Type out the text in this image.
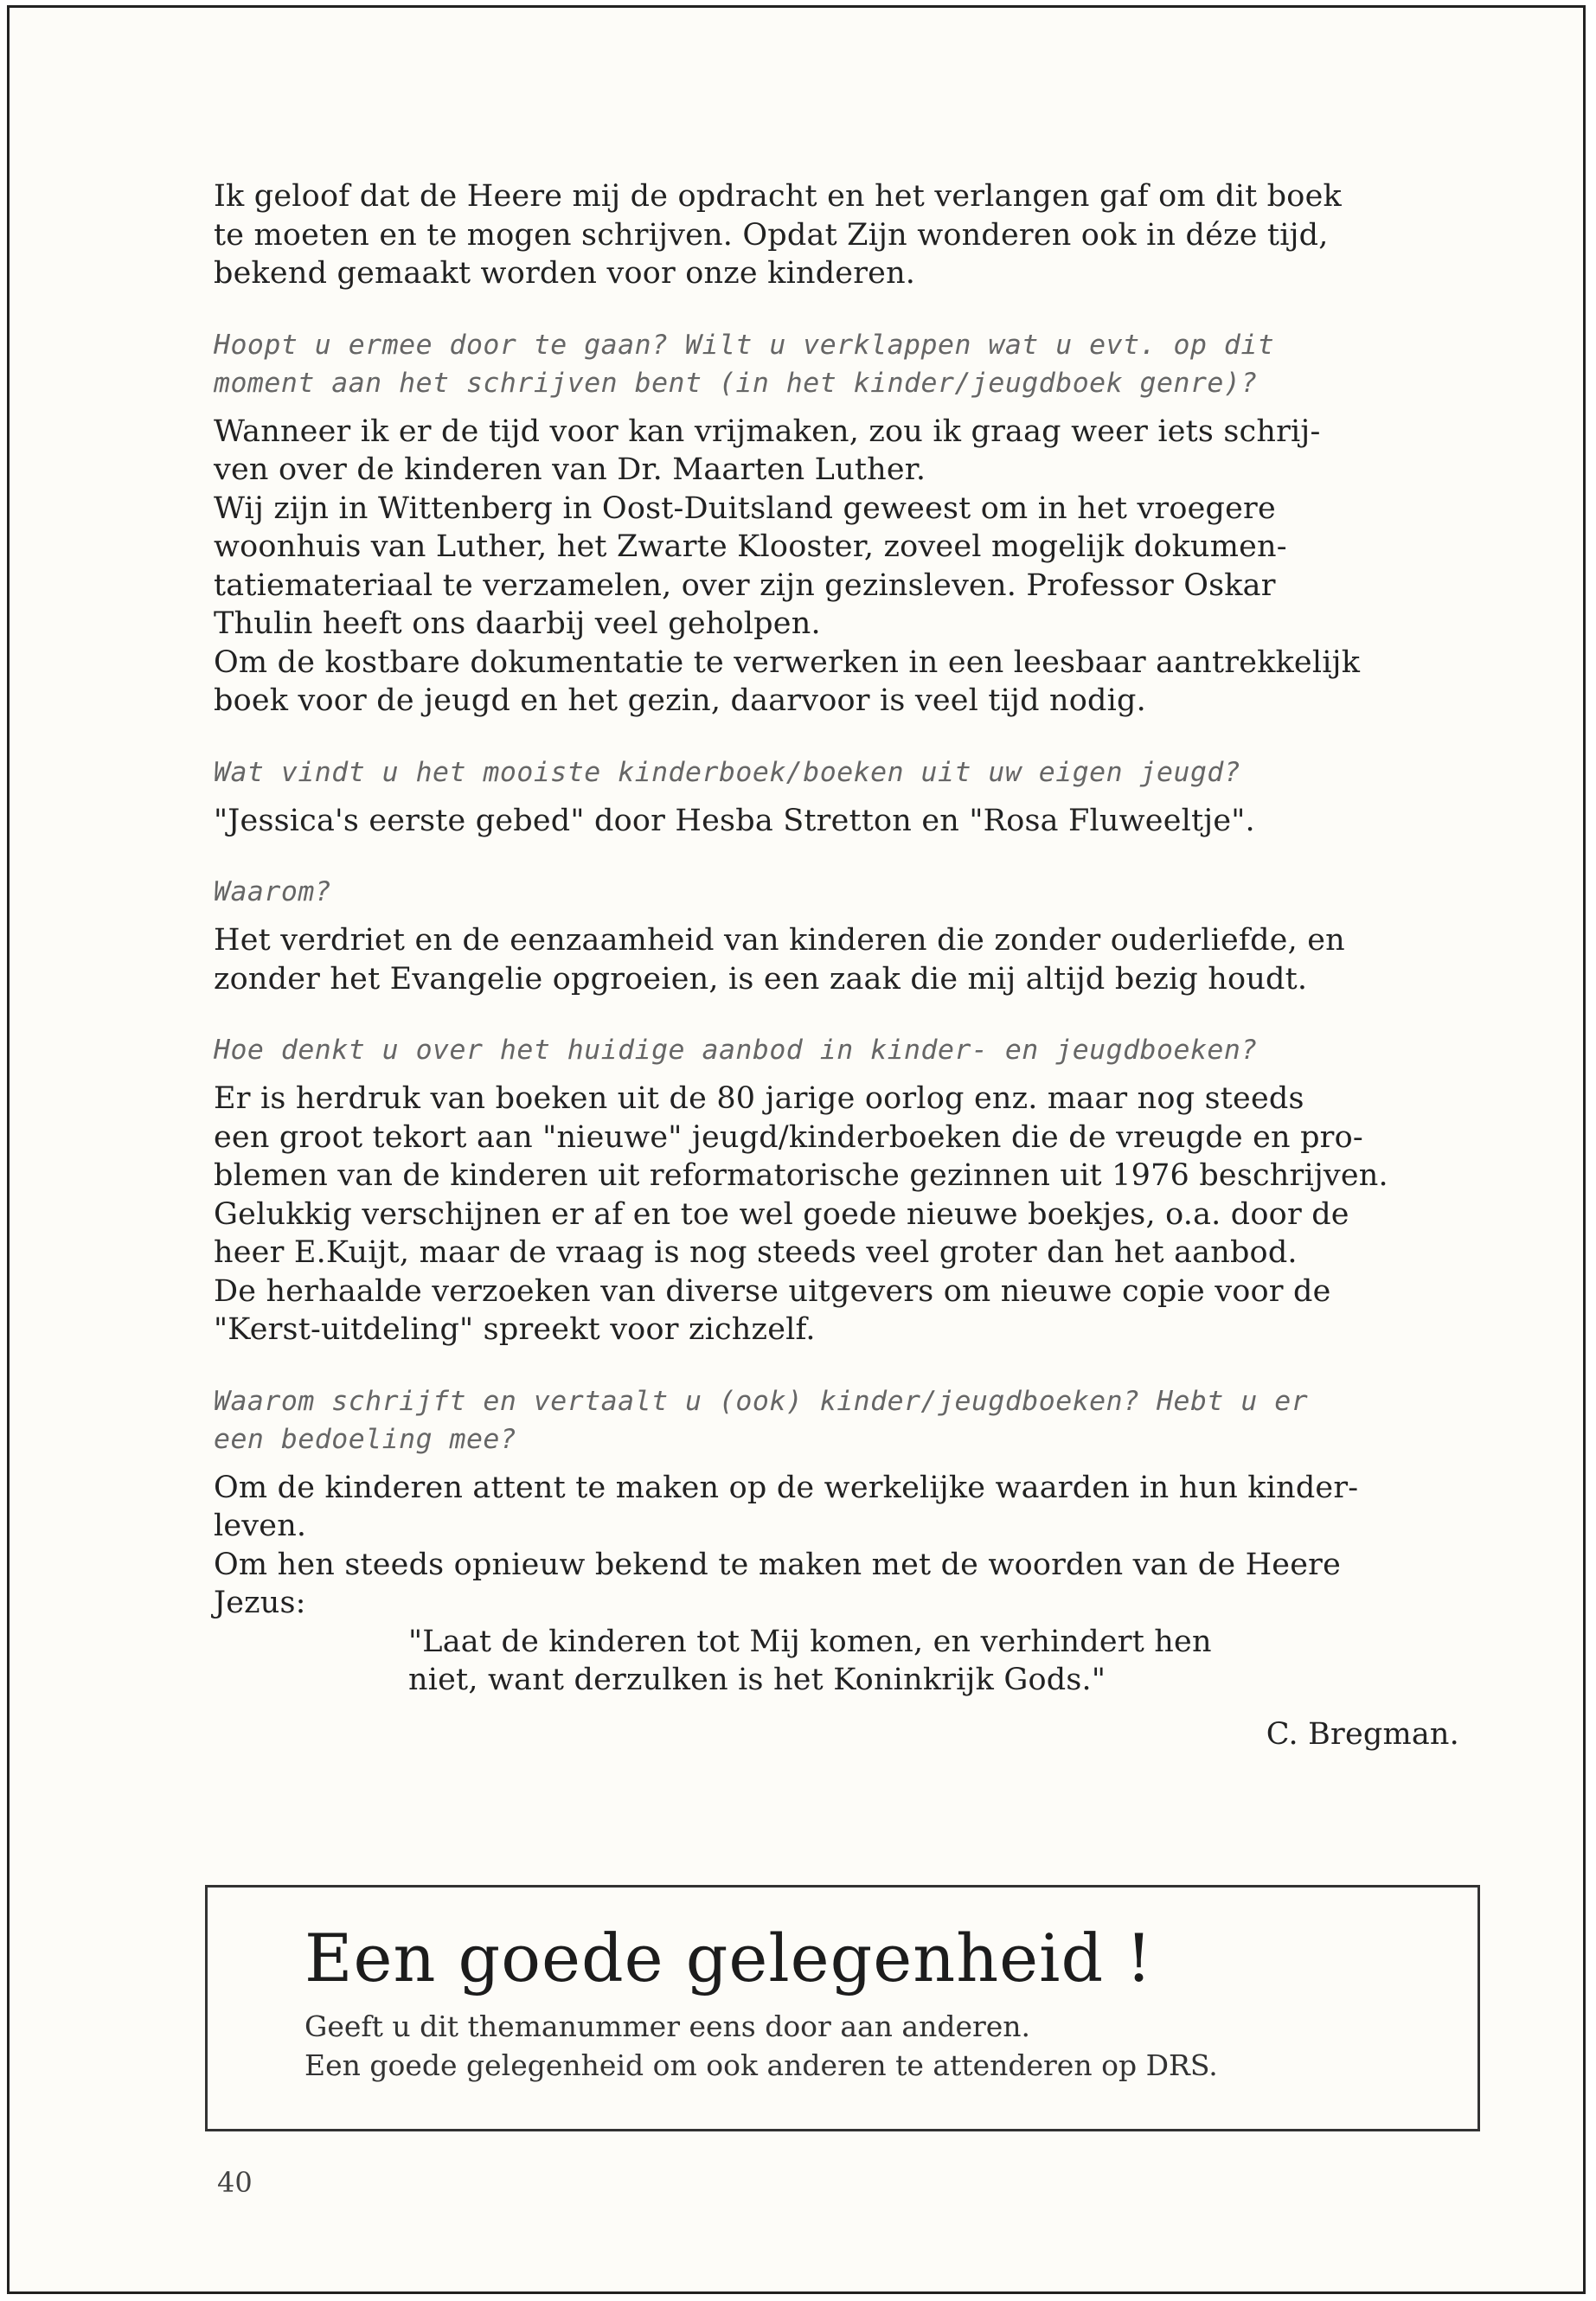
Ik geloof dat de Heere mij de opdracht en het verlangen gaf om dit boek
te moeten en te mogen schrijven. Opdat Zijn wonderen ook in déze tijd,
bekend gemaakt worden voor onze kinderen.

Hoopt u ermee door te gaan? Wilt u verklappen wat u evt. op dit
moment aan het schrijven bent (in het kinder/jeugdboek genre)?

Wanneer ik er de tijd voor kan vrijmaken, zou ik graag weer iets schrij-
ven over de kinderen van Dr. Maarten Luther.
Wij zijn in Wittenberg in Oost-Duitsland geweest om in het vroegere
woonhuis van Luther, het Zwarte Klooster, zoveel mogelijk dokumen-
tatiemateriaal te verzamelen, over zijn gezinsleven. Professor Oskar
Thulin heeft ons daarbij veel geholpen.
Om de kostbare dokumentatie te verwerken in een leesbaar aantrekkelijk
boek voor de jeugd en het gezin, daarvoor is veel tijd nodig.

Wat vindt u het mooiste kinderboek/boeken uit uw eigen jeugd?

"Jessica's eerste gebed" door Hesba Stretton en "Rosa Fluweeltje".

Waarom?

Het verdriet en de eenzaamheid van kinderen die zonder ouderliefde, en
zonder het Evangelie opgroeien, is een zaak die mij altijd bezig houdt.

Hoe denkt u over het huidige aanbod in kinder- en jeugdboeken?

Er is herdruk van boeken uit de 80 jarige oorlog enz. maar nog steeds
een groot tekort aan "nieuwe" jeugd/kinderboeken die de vreugde en pro-
blemen van de kinderen uit reformatorische gezinnen uit 1976 beschrijven.
Gelukkig verschijnen er af en toe wel goede nieuwe boekjes, o.a. door de
heer E.Kuijt, maar de vraag is nog steeds veel groter dan het aanbod.
De herhaalde verzoeken van diverse uitgevers om nieuwe copie voor de
"Kerst-uitdeling" spreekt voor zichzelf.

Waarom schrijft en vertaalt u (ook) kinder/jeugdboeken? Hebt u er
een bedoeling mee?

Om de kinderen attent te maken op de werkelijke waarden in hun kinder-
leven.
Om hen steeds opnieuw bekend te maken met de woorden van de Heere
Jezus:

"Laat de kinderen tot Mij komen, en verhindert hen
niet, want derzulken is het Koninkrijk Gods."

C. Bregman.

Een goede gelegenheid !

Geeft u dit themanummer eens door aan anderen.
Een goede gelegenheid om ook anderen te attenderen op DRS.

40
